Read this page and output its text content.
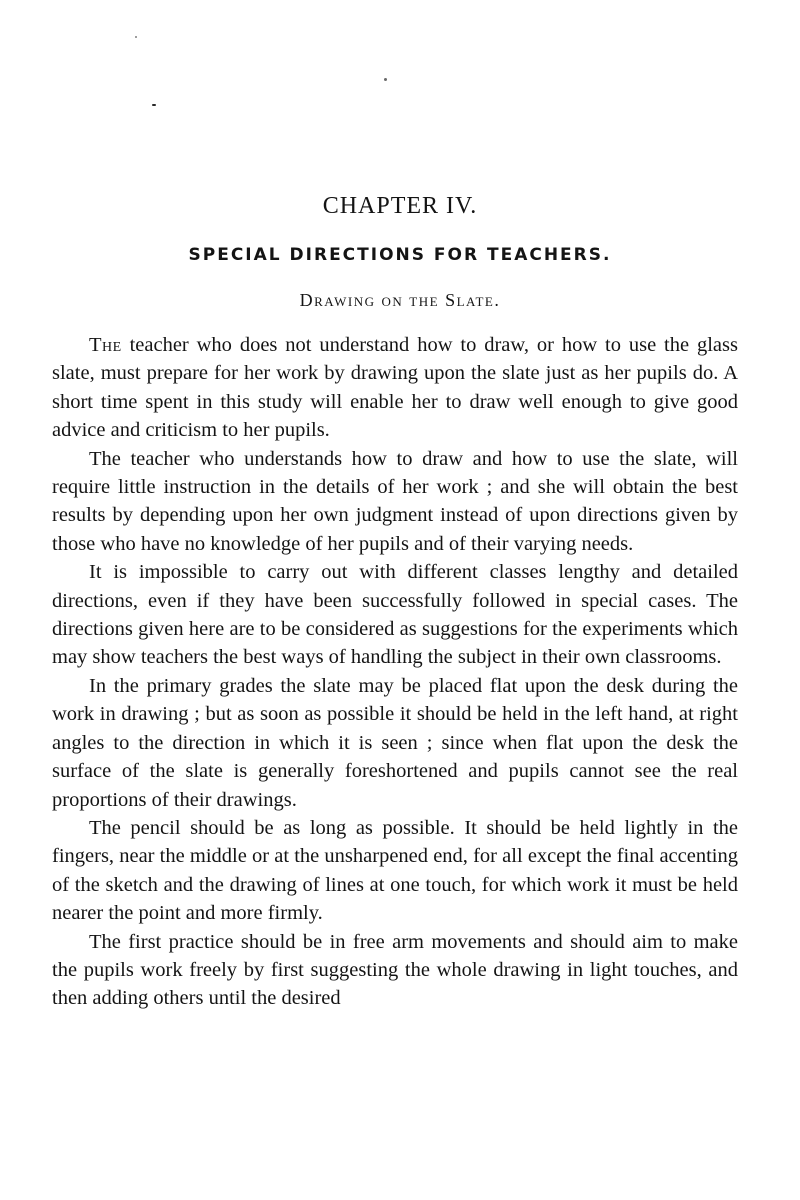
CHAPTER IV.
SPECIAL DIRECTIONS FOR TEACHERS.
Drawing on the Slate.

The teacher who does not understand how to draw, or how to use the glass slate, must prepare for her work by drawing upon the slate just as her pupils do. A short time spent in this study will enable her to draw well enough to give good advice and criticism to her pupils.

The teacher who understands how to draw and how to use the slate, will require little instruction in the details of her work ; and she will obtain the best results by depending upon her own judgment instead of upon directions given by those who have no knowledge of her pupils and of their varying needs.

It is impossible to carry out with different classes lengthy and detailed directions, even if they have been successfully followed in special cases. The directions given here are to be considered as suggestions for the experiments which may show teachers the best ways of handling the subject in their own classrooms.

In the primary grades the slate may be placed flat upon the desk during the work in drawing ; but as soon as possible it should be held in the left hand, at right angles to the direction in which it is seen ; since when flat upon the desk the surface of the slate is generally foreshortened and pupils cannot see the real proportions of their drawings.

The pencil should be as long as possible. It should be held lightly in the fingers, near the middle or at the unsharpened end, for all except the final accenting of the sketch and the drawing of lines at one touch, for which work it must be held nearer the point and more firmly.

The first practice should be in free arm movements and should aim to make the pupils work freely by first suggesting the whole drawing in light touches, and then adding others until the desired
